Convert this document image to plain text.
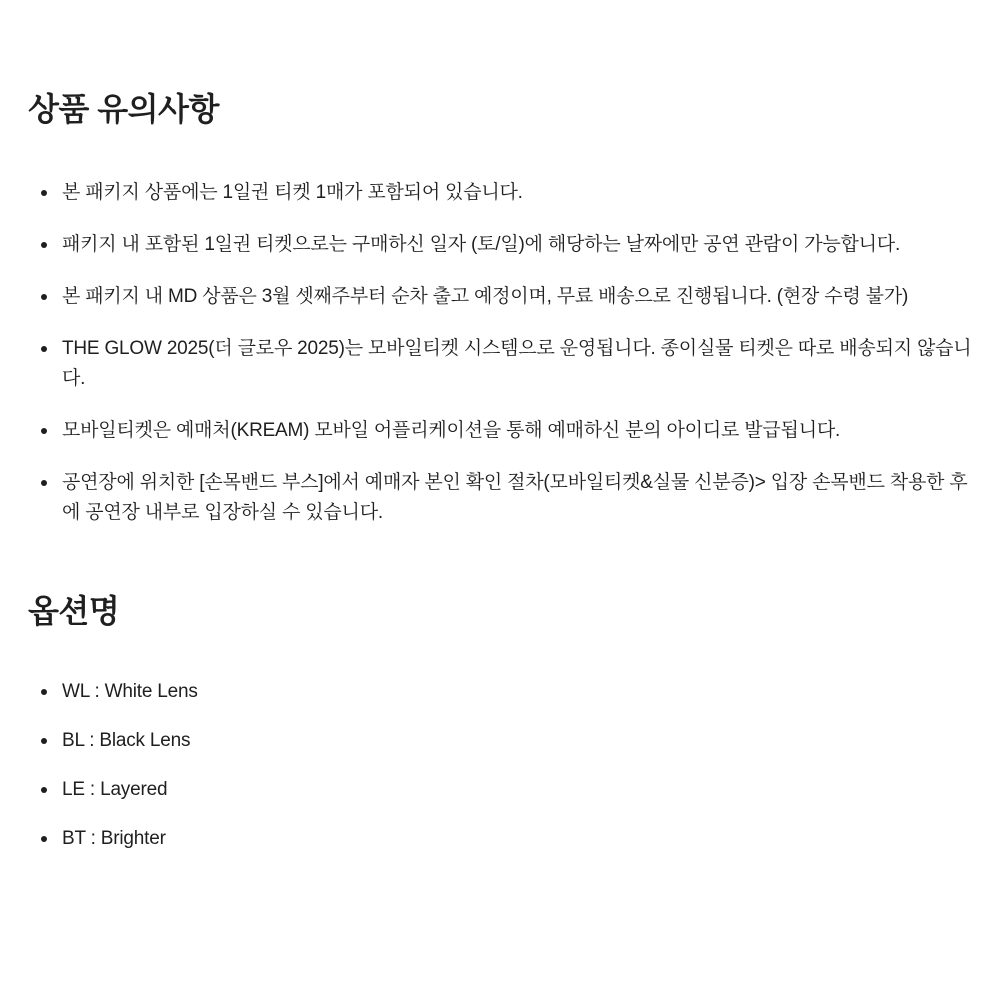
상품 유의사항
본 패키지 상품에는 1일권 티켓 1매가 포함되어 있습니다.
패키지 내 포함된 1일권 티켓으로는 구매하신 일자 (토/일)에 해당하는 날짜에만 공연 관람이 가능합니다.
본 패키지 내 MD 상품은 3월 셋째주부터 순차 출고 예정이며, 무료 배송으로 진행됩니다. (현장 수령 불가)
THE GLOW 2025(더 글로우 2025)는 모바일티켓 시스템으로 운영됩니다. 종이실물 티켓은 따로 배송되지 않습니다.
모바일티켓은 예매처(KREAM) 모바일 어플리케이션을 통해 예매하신 분의 아이디로 발급됩니다.
공연장에 위치한 [손목밴드 부스]에서 예매자 본인 확인 절차(모바일티켓&실물 신분증)> 입장 손목밴드 착용한 후에 공연장 내부로 입장하실 수 있습니다.
옵션명
WL : White Lens
BL : Black Lens
LE : Layered
BT : Brighter
